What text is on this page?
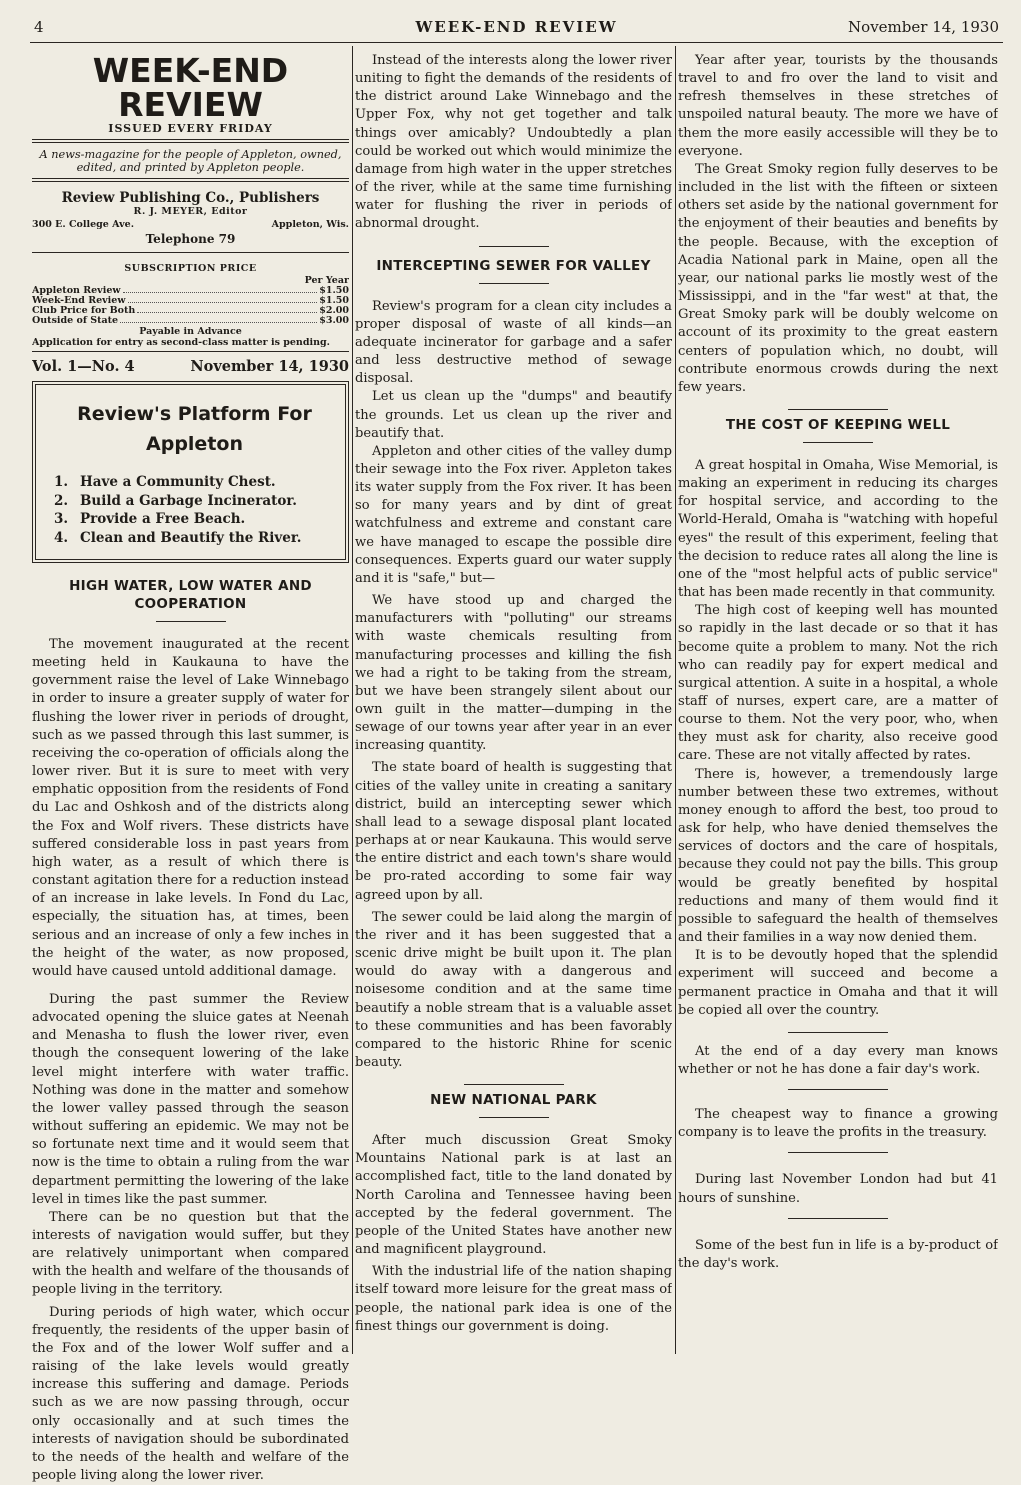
4	WEEK-END REVIEW	November 14, 1930
WEEK-END REVIEW
ISSUED EVERY FRIDAY
A news-magazine for the people of Appleton, owned, edited, and printed by Appleton people.
Review Publishing Co., Publishers
R. J. MEYER, Editor
300 E. College Ave.	Appleton, Wis.
Telephone 79
SUBSCRIPTION PRICE
Per Year
Appleton Review	$1.50
Week-End Review	$1.50
Club Price for Both	$2.00
Outside of State	$3.00
Payable in Advance
Application for entry as second-class matter is pending.
Vol. 1—No. 4	November 14, 1930
Review's Platform For
Appleton
1. Have a Community Chest.
2. Build a Garbage Incinerator.
3. Provide a Free Beach.
4. Clean and Beautify the River.
HIGH WATER, LOW WATER AND
COOPERATION

The movement inaugurated at the recent meeting held in Kaukauna to have the government raise the level of Lake Winnebago in order to insure a greater supply of water for flushing the lower river in periods of drought, such as we passed through this last summer, is receiving the co-operation of officials along the lower river. But it is sure to meet with very emphatic opposition from the residents of Fond du Lac and Oshkosh and of the districts along the Fox and Wolf rivers. These districts have suffered considerable loss in past years from high water, as a result of which there is constant agitation there for a reduction instead of an increase in lake levels. In Fond du Lac, especially, the situation has, at times, been serious and an increase of only a few inches in the height of the water, as now proposed, would have caused untold additional damage.

During the past summer the Review advocated opening the sluice gates at Neenah and Menasha to flush the lower river, even though the consequent lowering of the lake level might interfere with water traffic. Nothing was done in the matter and somehow the lower valley passed through the season without suffering an epidemic. We may not be so fortunate next time and it would seem that now is the time to obtain a ruling from the war department permitting the lowering of the lake level in times like the past summer.

There can be no question but that the interests of navigation would suffer, but they are relatively unimportant when compared with the health and welfare of the thousands of people living in the territory.

During periods of high water, which occur frequently, the residents of the upper basin of the Fox and of the lower Wolf suffer and a raising of the lake levels would greatly increase this suffering and damage. Periods such as we are now passing through, occur only occasionally and at such times the interests of navigation should be subordinated to the needs of the health and welfare of the people living along the lower river.

Instead of the interests along the lower river uniting to fight the demands of the residents of the district around Lake Winnebago and the Upper Fox, why not get together and talk things over amicably? Undoubtedly a plan could be worked out which would minimize the damage from high water in the upper stretches of the river, while at the same time furnishing water for flushing the river in periods of abnormal drought.

INTERCEPTING SEWER FOR VALLEY

Review's program for a clean city includes a proper disposal of waste of all kinds—an adequate incinerator for garbage and a safer and less destructive method of sewage disposal.

Let us clean up the "dumps" and beautify the grounds. Let us clean up the river and beautify that.

Appleton and other cities of the valley dump their sewage into the Fox river. Appleton takes its water supply from the Fox river. It has been so for many years and by dint of great watchfulness and extreme and constant care we have managed to escape the possible dire consequences. Experts guard our water supply and it is "safe," but—

We have stood up and charged the manufacturers with "polluting" our streams with waste chemicals resulting from manufacturing processes and killing the fish we had a right to be taking from the stream, but we have been strangely silent about our own guilt in the matter—dumping in the sewage of our towns year after year in an ever increasing quantity.

The state board of health is suggesting that cities of the valley unite in creating a sanitary district, build an intercepting sewer which shall lead to a sewage disposal plant located perhaps at or near Kaukauna. This would serve the entire district and each town's share would be pro-rated according to some fair way agreed upon by all.

The sewer could be laid along the margin of the river and it has been suggested that a scenic drive might be built upon it. The plan would do away with a dangerous and noisesome condition and at the same time beautify a noble stream that is a valuable asset to these communities and has been favorably compared to the historic Rhine for scenic beauty.

NEW NATIONAL PARK

After much discussion Great Smoky Mountains National park is at last an accomplished fact, title to the land donated by North Carolina and Tennessee having been accepted by the federal government. The people of the United States have another new and magnificent playground.

With the industrial life of the nation shaping itself toward more leisure for the great mass of people, the national park idea is one of the finest things our government is doing.

Year after year, tourists by the thousands travel to and fro over the land to visit and refresh themselves in these stretches of unspoiled natural beauty. The more we have of them the more easily accessible will they be to everyone.

The Great Smoky region fully deserves to be included in the list with the fifteen or sixteen others set aside by the national government for the enjoyment of their beauties and benefits by the people. Because, with the exception of Acadia National park in Maine, open all the year, our national parks lie mostly west of the Mississippi, and in the "far west" at that, the Great Smoky park will be doubly welcome on account of its proximity to the great eastern centers of population which, no doubt, will contribute enormous crowds during the next few years.

THE COST OF KEEPING WELL

A great hospital in Omaha, Wise Memorial, is making an experiment in reducing its charges for hospital service, and according to the World-Herald, Omaha is "watching with hopeful eyes" the result of this experiment, feeling that the decision to reduce rates all along the line is one of the "most helpful acts of public service" that has been made recently in that community.

The high cost of keeping well has mounted so rapidly in the last decade or so that it has become quite a problem to many. Not the rich who can readily pay for expert medical and surgical attention. A suite in a hospital, a whole staff of nurses, expert care, are a matter of course to them. Not the very poor, who, when they must ask for charity, also receive good care. These are not vitally affected by rates.

There is, however, a tremendously large number between these two extremes, without money enough to afford the best, too proud to ask for help, who have denied themselves the services of doctors and the care of hospitals, because they could not pay the bills. This group would be greatly benefited by hospital reductions and many of them would find it possible to safeguard the health of themselves and their families in a way now denied them.

It is to be devoutly hoped that the splendid experiment will succeed and become a permanent practice in Omaha and that it will be copied all over the country.

At the end of a day every man knows whether or not he has done a fair day's work.

The cheapest way to finance a growing company is to leave the profits in the treasury.

During last November London had but 41 hours of sunshine.

Some of the best fun in life is a by-product of the day's work.
